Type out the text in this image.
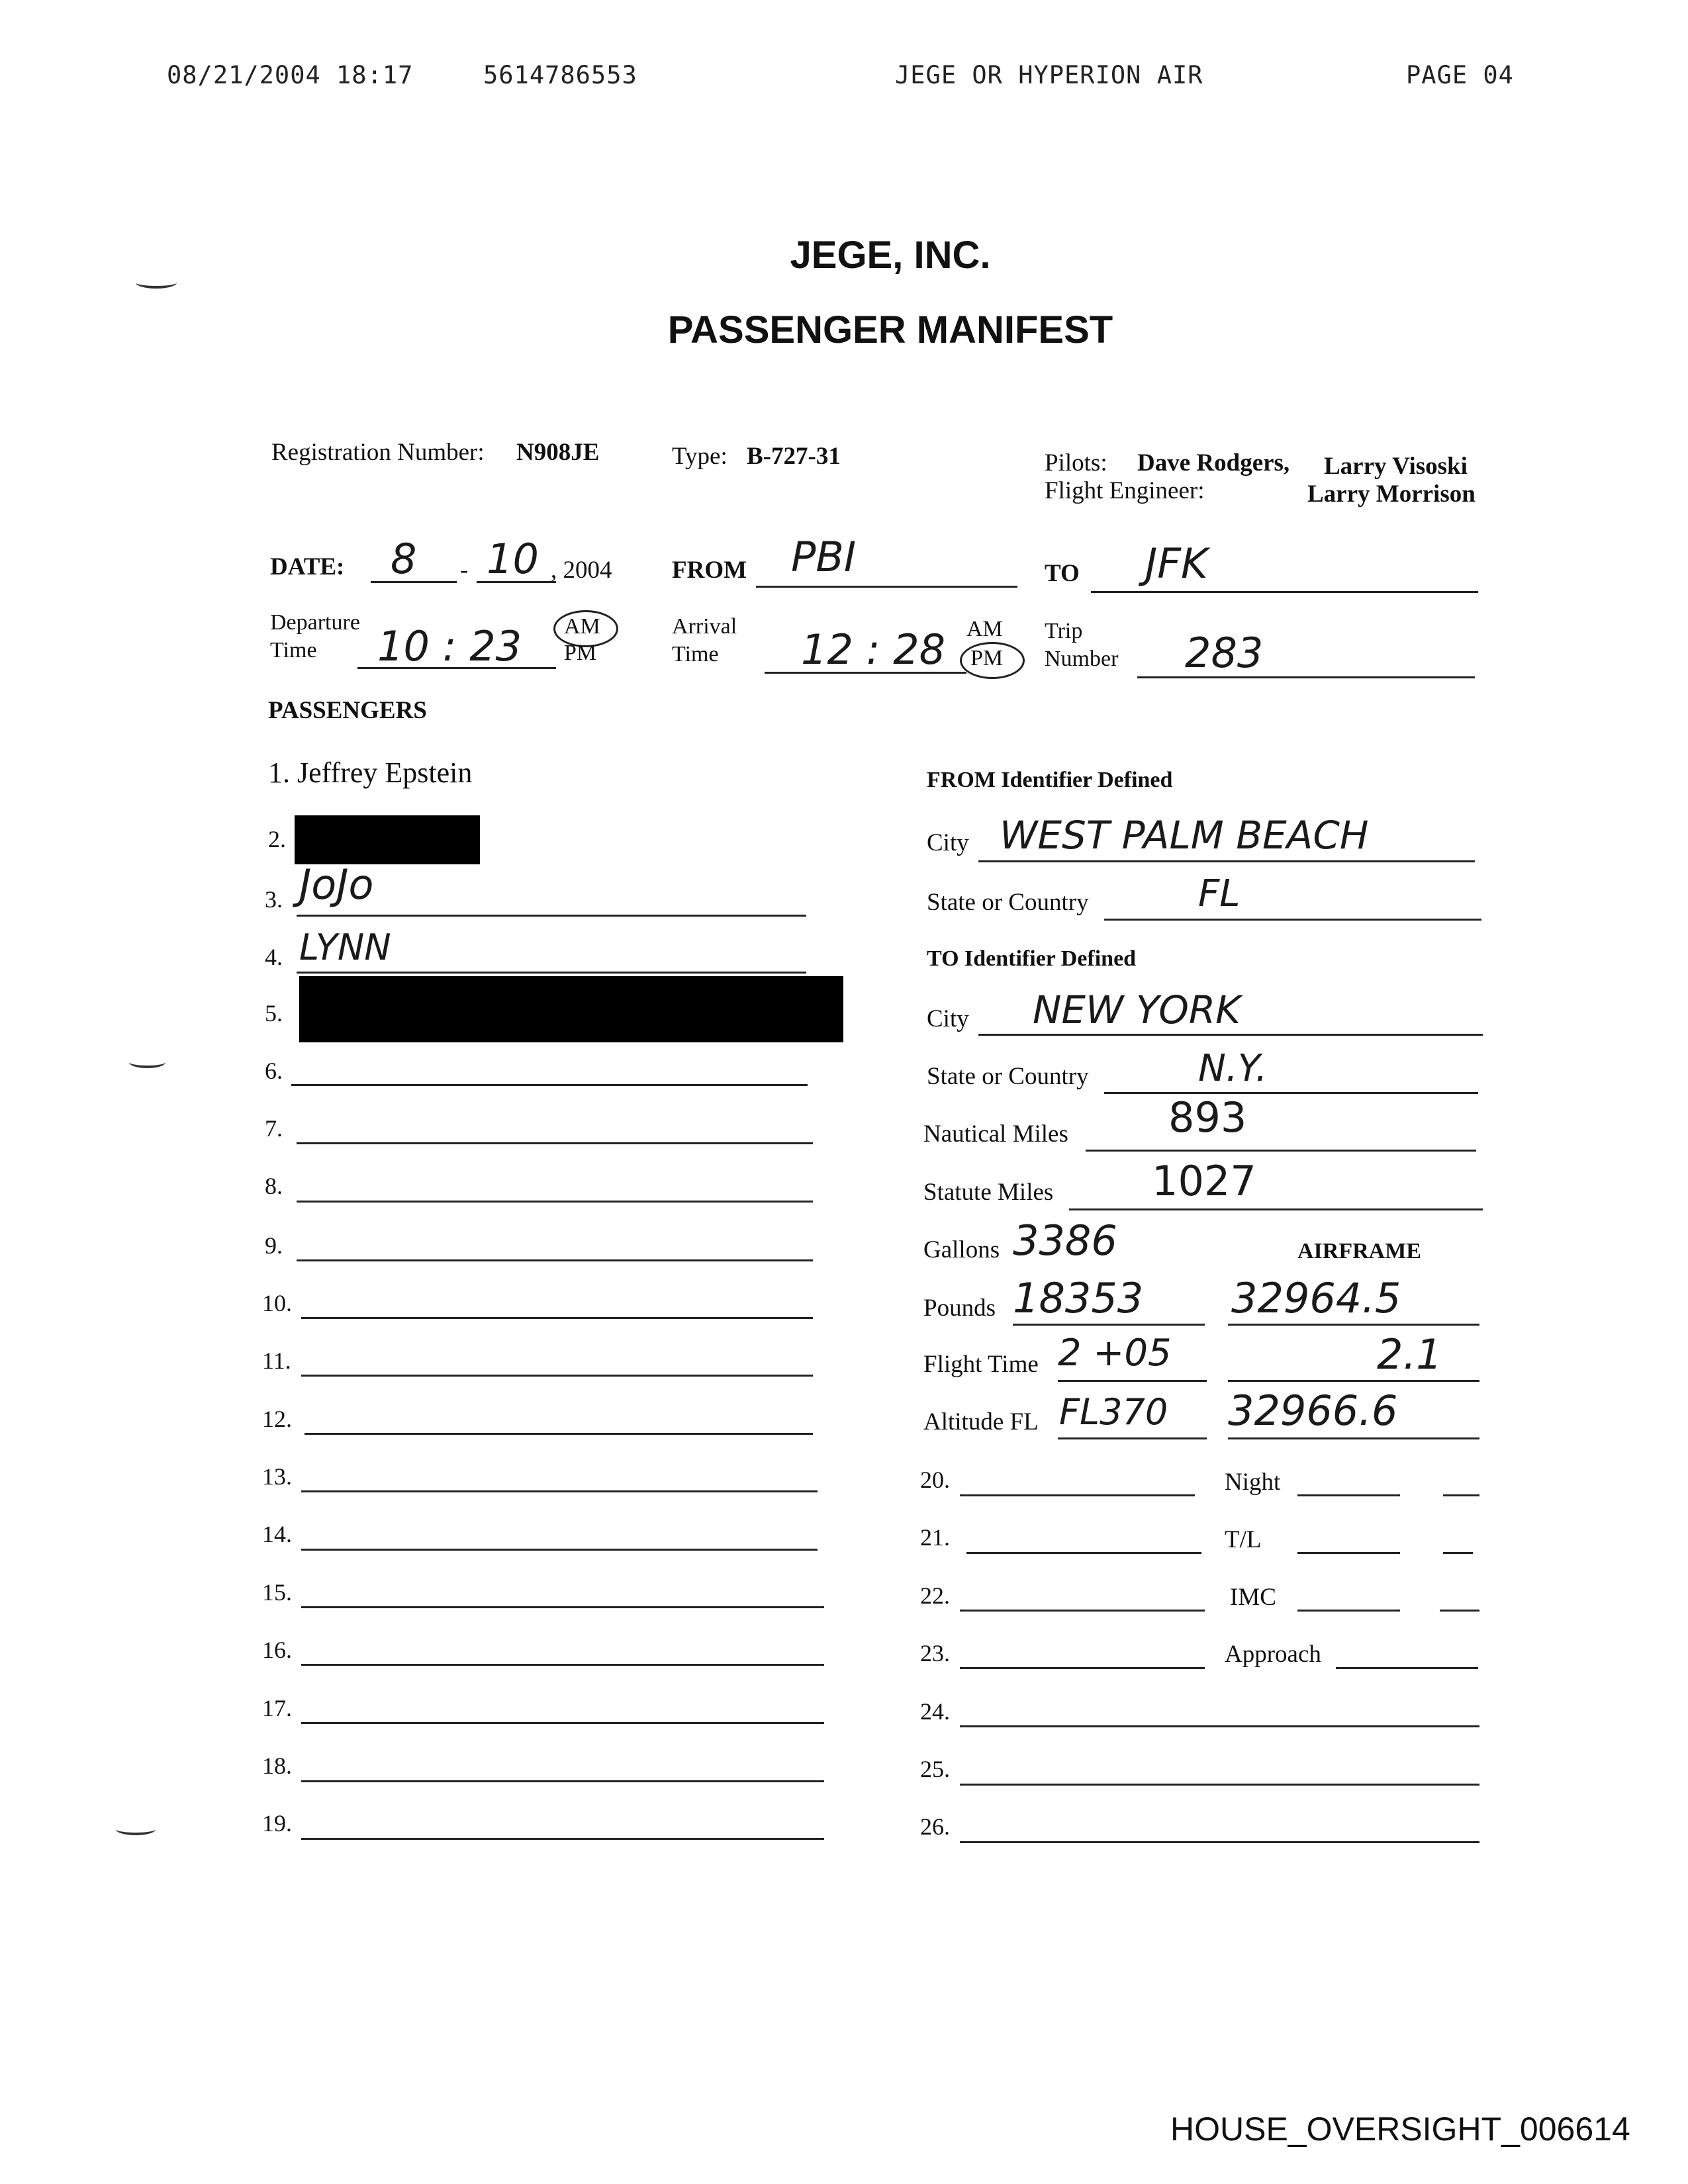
08/21/2004 18:17	5614786553	JEGE OR HYPERION AIR	PAGE 04
JEGE, INC.
PASSENGER MANIFEST
Registration Number: N908JE	Type: B-727-31	Pilots: Dave Rodgers, Larry Visoski
Flight Engineer:	Larry Morrison
DATE: 8 - 10 , 2004 FROM PBI	TO JFK
Departure
Time 10 : 23 AM
PM
Arrival
Time 12 : 28 AM
PM
Trip
Number 283
PASSENGERS
1. Jeffrey Epstein
2.
3. JoJo
4. LYNN
5.
6.
7.
8.
9.
10.
11.
12.
13.
14.
15.
16.
17.
18.
19.
FROM Identifier Defined
City WEST PALM BEACH
State or Country	FL
TO Identifier Defined
City NEW YORK
State or Country	N.Y.
Nautical Miles 893
Statute Miles 1027
Gallons 3386	AIRFRAME
Pounds 18353 32964.5
Flight Time 2 +05	2.1
Altitude FL FL370 32966.6
20.	Night
21.	T/L
22.	IMC
23.	Approach
24.
25.
26.
HOUSE_OVERSIGHT_006614
